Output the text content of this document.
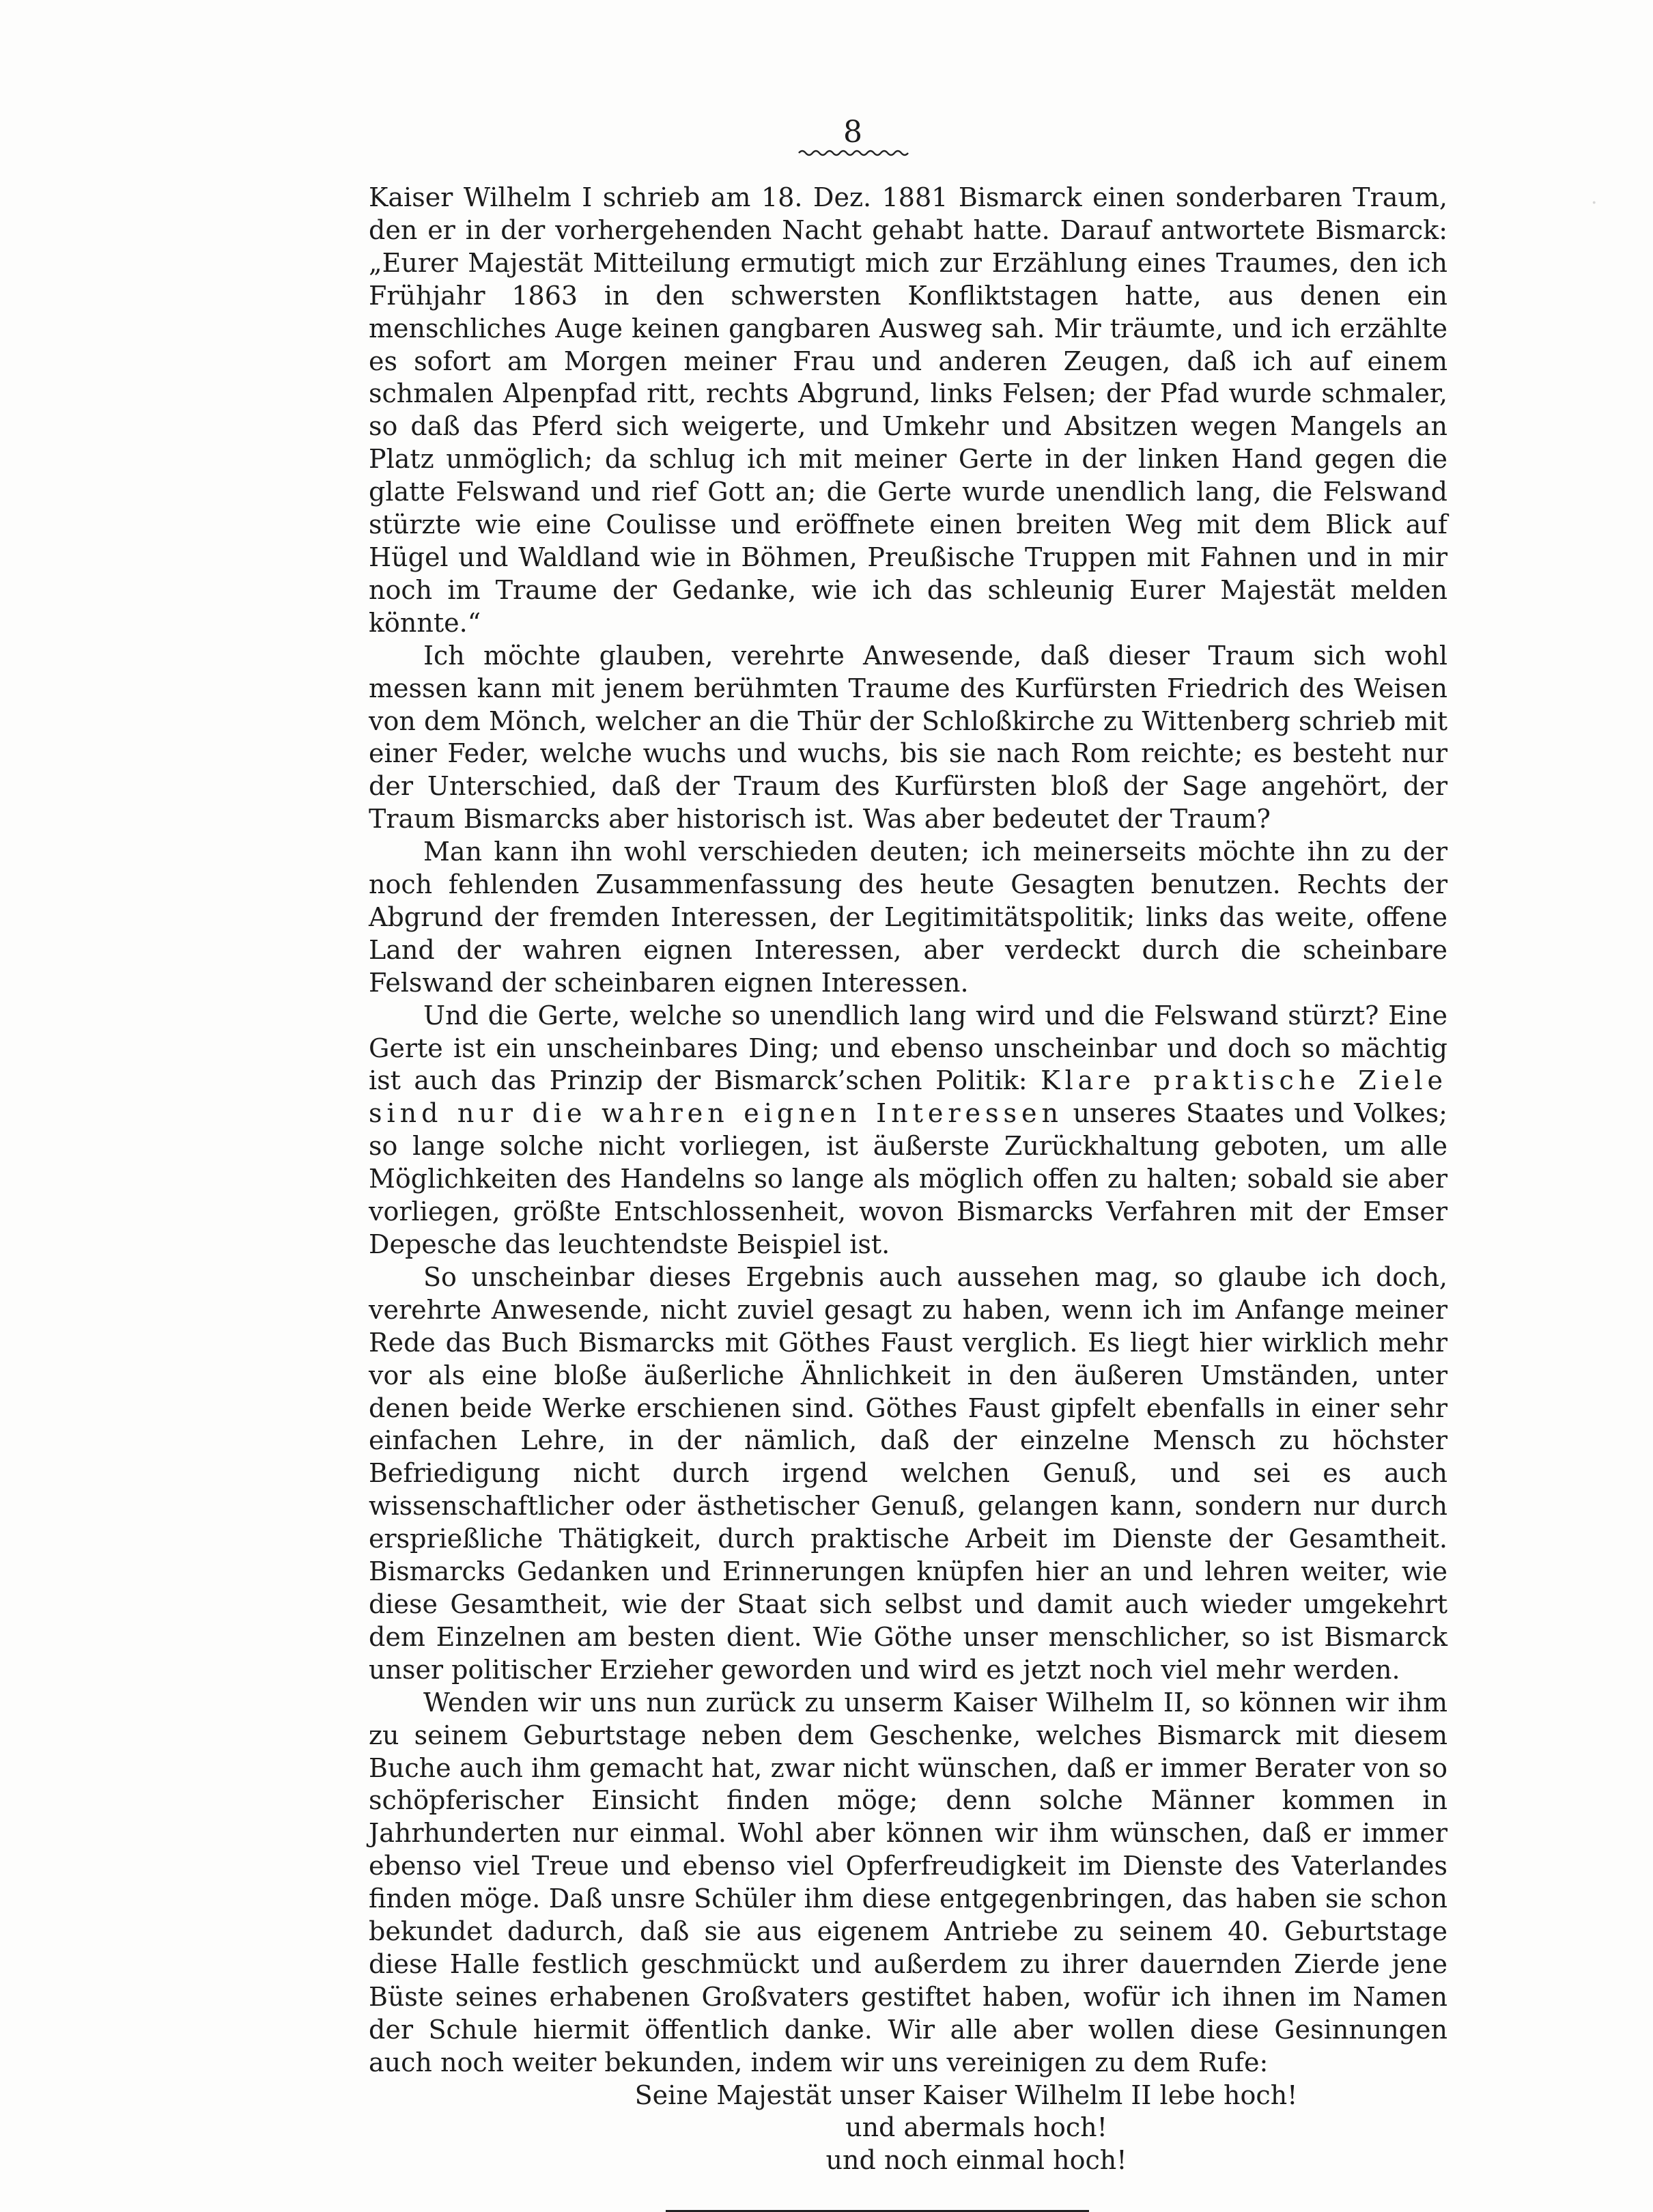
8
·

Kaiser Wilhelm I schrieb am 18. Dez. 1881 Bismarck einen sonderbaren Traum, den er in der vorhergehenden Nacht gehabt hatte. Darauf antwortete Bismarck: „Eurer Majestät Mitteilung ermutigt mich zur Erzählung eines Traumes, den ich Frühjahr 1863 in den schwersten Konfliktstagen hatte, aus denen ein menschliches Auge keinen gangbaren Ausweg sah. Mir träumte, und ich erzählte es sofort am Morgen meiner Frau und anderen Zeugen, daß ich auf einem schmalen Alpenpfad ritt, rechts Abgrund, links Felsen; der Pfad wurde schmaler, so daß das Pferd sich weigerte, und Umkehr und Absitzen wegen Mangels an Platz unmöglich; da schlug ich mit meiner Gerte in der linken Hand gegen die glatte Felswand und rief Gott an; die Gerte wurde unendlich lang, die Felswand stürzte wie eine Coulisse und eröffnete einen breiten Weg mit dem Blick auf Hügel und Waldland wie in Böhmen, Preußische Truppen mit Fahnen und in mir noch im Traume der Gedanke, wie ich das schleunig Eurer Majestät melden könnte.“

Ich möchte glauben, verehrte Anwesende, daß dieser Traum sich wohl messen kann mit jenem berühmten Traume des Kurfürsten Friedrich des Weisen von dem Mönch, welcher an die Thür der Schloßkirche zu Wittenberg schrieb mit einer Feder, welche wuchs und wuchs, bis sie nach Rom reichte; es besteht nur der Unterschied, daß der Traum des Kurfürsten bloß der Sage angehört, der Traum Bismarcks aber historisch ist. Was aber bedeutet der Traum?

Man kann ihn wohl verschieden deuten; ich meinerseits möchte ihn zu der noch fehlenden Zusammenfassung des heute Gesagten benutzen. Rechts der Abgrund der fremden Interessen, der Legitimitätspolitik; links das weite, offene Land der wahren eignen Interessen, aber verdeckt durch die scheinbare Felswand der scheinbaren eignen Interessen.

Und die Gerte, welche so unendlich lang wird und die Felswand stürzt? Eine Gerte ist ein unscheinbares Ding; und ebenso unscheinbar und doch so mächtig ist auch das Prinzip der Bismarck’schen Politik: Klare praktische Ziele sind nur die wahren eignen Interessen unseres Staates und Volkes; so lange solche nicht vorliegen, ist äußerste Zurückhaltung geboten, um alle Möglichkeiten des Handelns so lange als möglich offen zu halten; sobald sie aber vorliegen, größte Entschlossenheit, wovon Bismarcks Verfahren mit der Emser Depesche das leuchtendste Beispiel ist.

So unscheinbar dieses Ergebnis auch aussehen mag, so glaube ich doch, verehrte Anwesende, nicht zuviel gesagt zu haben, wenn ich im Anfange meiner Rede das Buch Bismarcks mit Göthes Faust verglich. Es liegt hier wirklich mehr vor als eine bloße äußerliche Ähnlichkeit in den äußeren Umständen, unter denen beide Werke erschienen sind. Göthes Faust gipfelt ebenfalls in einer sehr einfachen Lehre, in der nämlich, daß der einzelne Mensch zu höchster Befriedigung nicht durch irgend welchen Genuß, und sei es auch wissenschaftlicher oder ästhetischer Genuß, gelangen kann, sondern nur durch ersprießliche Thätigkeit, durch praktische Arbeit im Dienste der Gesamtheit. Bismarcks Gedanken und Erinnerungen knüpfen hier an und lehren weiter, wie diese Gesamtheit, wie der Staat sich selbst und damit auch wieder umgekehrt dem Einzelnen am besten dient. Wie Göthe unser menschlicher, so ist Bismarck unser politischer Erzieher geworden und wird es jetzt noch viel mehr werden.

Wenden wir uns nun zurück zu unserm Kaiser Wilhelm II, so können wir ihm zu seinem Geburtstage neben dem Geschenke, welches Bismarck mit diesem Buche auch ihm gemacht hat, zwar nicht wünschen, daß er immer Berater von so schöpferischer Einsicht finden möge; denn solche Männer kommen in Jahrhunderten nur einmal. Wohl aber können wir ihm wünschen, daß er immer ebenso viel Treue und ebenso viel Opferfreudigkeit im Dienste des Vaterlandes finden möge. Daß unsre Schüler ihm diese entgegenbringen, das haben sie schon bekundet dadurch, daß sie aus eigenem Antriebe zu seinem 40. Geburtstage diese Halle festlich geschmückt und außerdem zu ihrer dauernden Zierde jene Büste seines erhabenen Großvaters gestiftet haben, wofür ich ihnen im Namen der Schule hiermit öffentlich danke. Wir alle aber wollen diese Gesinnungen auch noch weiter bekunden, indem wir uns vereinigen zu dem Rufe:

Seine Majestät unser Kaiser Wilhelm II lebe hoch!

und abermals hoch!

und noch einmal hoch!
